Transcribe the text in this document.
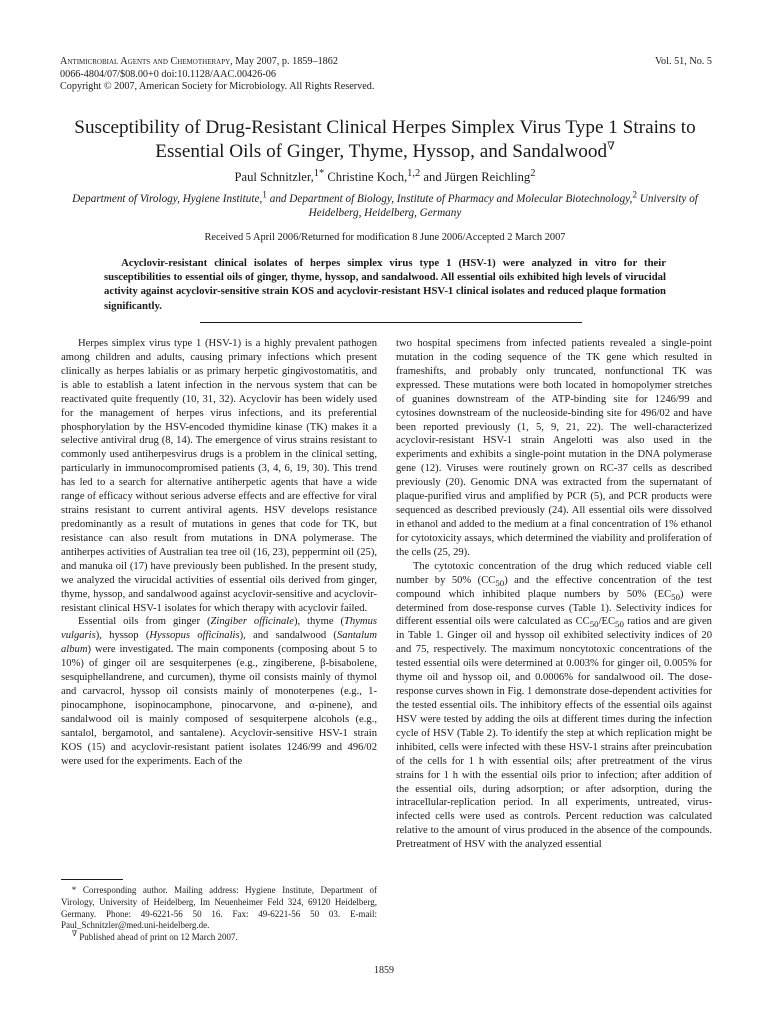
Antimicrobial Agents and Chemotherapy, May 2007, p. 1859–1862
0066-4804/07/$08.00+0 doi:10.1128/AAC.00426-06
Copyright © 2007, American Society for Microbiology. All Rights Reserved.
Vol. 51, No. 5
Susceptibility of Drug-Resistant Clinical Herpes Simplex Virus Type 1 Strains to Essential Oils of Ginger, Thyme, Hyssop, and Sandalwood∇
Paul Schnitzler,$^{1*}$ Christine Koch,$^{1,2}$ and Jürgen Reichling$^2$
Department of Virology, Hygiene Institute,$^1$ and Department of Biology, Institute of Pharmacy and Molecular Biotechnology,$^2$ University of Heidelberg, Heidelberg, Germany
Received 5 April 2006/Returned for modification 8 June 2006/Accepted 2 March 2007
Acyclovir-resistant clinical isolates of herpes simplex virus type 1 (HSV-1) were analyzed in vitro for their susceptibilities to essential oils of ginger, thyme, hyssop, and sandalwood. All essential oils exhibited high levels of virucidal activity against acyclovir-sensitive strain KOS and acyclovir-resistant HSV-1 clinical isolates and reduced plaque formation significantly.

Herpes simplex virus type 1 (HSV-1) is a highly prevalent pathogen among children and adults, causing primary infections which present clinically as herpes labialis or as primary herpetic gingivostomatitis, and is able to establish a latent infection in the nervous system that can be reactivated quite frequently (10, 31, 32). Acyclovir has been widely used for the management of herpes virus infections, and its preferential phosphorylation by the HSV-encoded thymidine kinase (TK) makes it a selective antiviral drug (8, 14). The emergence of virus strains resistant to commonly used antiherpesvirus drugs is a problem in the clinical setting, particularly in immunocompromised patients (3, 4, 6, 19, 30). This trend has led to a search for alternative antiherpetic agents that have a wide range of efficacy without serious adverse effects and are effective for viral strains resistant to current antiviral agents. HSV develops resistance predominantly as a result of mutations in genes that code for TK, but resistance can also result from mutations in DNA polymerase. The antiherpes activities of Australian tea tree oil (16, 23), peppermint oil (25), and manuka oil (17) have previously been published. In the present study, we analyzed the virucidal activities of essential oils derived from ginger, thyme, hyssop, and sandalwood against acyclovir-sensitive and acyclovir-resistant clinical HSV-1 isolates for which therapy with acyclovir failed.

Essential oils from ginger (Zingiber officinale), thyme (Thymus vulgaris), hyssop (Hyssopus officinalis), and sandalwood (Santalum album) were investigated. The main components (composing about 5 to 10%) of ginger oil are sesquiterpenes (e.g., zingiberene, β-bisabolene, sesquiphellandrene, and curcumen), thyme oil consists mainly of thymol and carvacrol, hyssop oil consists mainly of monoterpenes (e.g., 1-pinocamphone, isopinocamphone, pinocarvone, and α-pinene), and sandalwood oil is mainly composed of sesquiterpene alcohols (e.g., santalol, bergamotol, and santalene). Acyclovir-sensitive HSV-1 strain KOS (15) and acyclovir-resistant patient isolates 1246/99 and 496/02 were used for the experiments. Each of the

two hospital specimens from infected patients revealed a single-point mutation in the coding sequence of the TK gene which resulted in frameshifts, and probably only truncated, nonfunctional TK was expressed. These mutations were both located in homopolymer stretches of guanines downstream of the ATP-binding site for 1246/99 and cytosines downstream of the nucleoside-binding site for 496/02 and have been reported previously (1, 5, 9, 21, 22). The well-characterized acyclovir-resistant HSV-1 strain Angelotti was also used in the experiments and exhibits a single-point mutation in the DNA polymerase gene (12). Viruses were routinely grown on RC-37 cells as described previously (20). Genomic DNA was extracted from the supernatant of plaque-purified virus and amplified by PCR (5), and PCR products were sequenced as described previously (24). All essential oils were dissolved in ethanol and added to the medium at a final concentration of 1% ethanol for cytotoxicity assays, which determined the viability and proliferation of the cells (25, 29).

The cytotoxic concentration of the drug which reduced viable cell number by 50% $(CC_{50})$ and the effective concentration of the test compound which inhibited plaque numbers by 50% $(EC_{50})$ were determined from dose-response curves (Table 1). Selectivity indices for different essential oils were calculated as $CC_{50}/EC_{50}$ ratios and are given in Table 1. Ginger oil and hyssop oil exhibited selectivity indices of 20 and 75, respectively. The maximum noncytotoxic concentrations of the tested essential oils were determined at 0.003% for ginger oil, 0.005% for thyme oil and hyssop oil, and 0.0006% for sandalwood oil. The dose-response curves shown in Fig. 1 demonstrate dose-dependent activities for the tested essential oils. The inhibitory effects of the essential oils against HSV were tested by adding the oils at different times during the infection cycle of HSV (Table 2). To identify the step at which replication might be inhibited, cells were infected with these HSV-1 strains after preincubation of the cells for 1 h with essential oils; after pretreatment of the virus strains for 1 h with the essential oils prior to infection; after addition of the essential oils, during adsorption; or after adsorption, during the intracellular-replication period. In all experiments, untreated, virus-infected cells were used as controls. Percent reduction was calculated relative to the amount of virus produced in the absence of the compounds. Pretreatment of HSV with the analyzed essential

* Corresponding author. Mailing address: Hygiene Institute, Department of Virology, University of Heidelberg, Im Neuenheimer Feld 324, 69120 Heidelberg, Germany. Phone: 49-6221-56 50 16. Fax: 49-6221-56 50 03. E-mail: Paul_Schnitzler@med.uni-heidelberg.de.

∇ Published ahead of print on 12 March 2007.

1859
